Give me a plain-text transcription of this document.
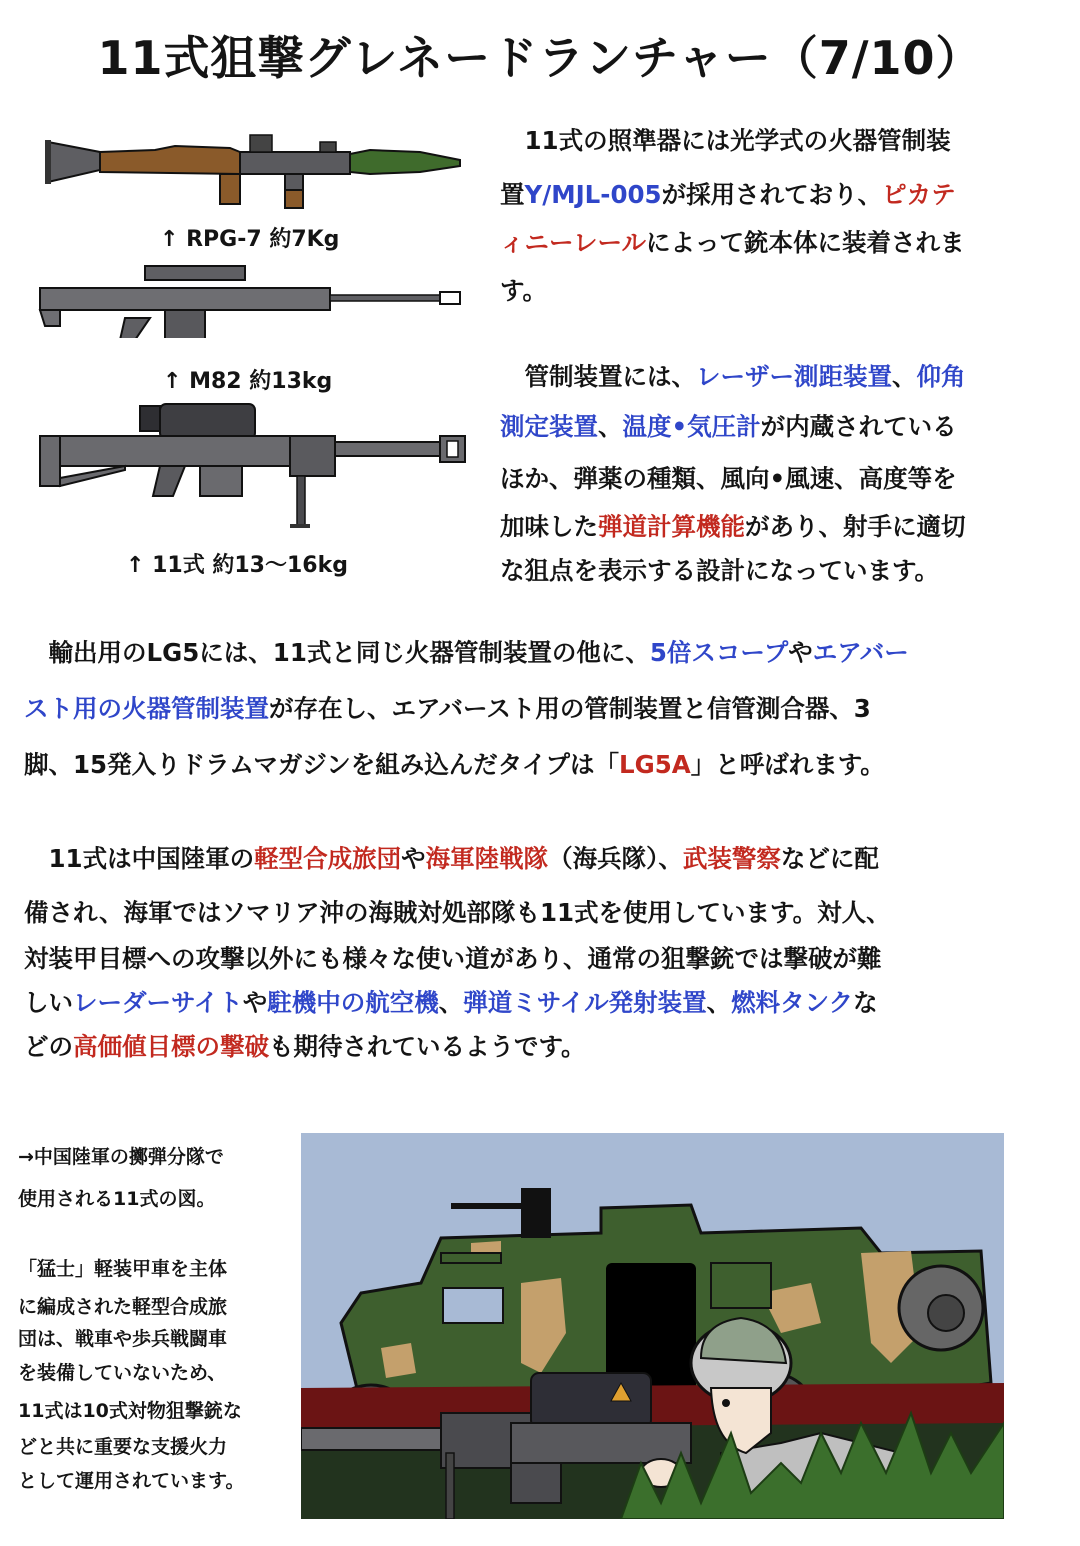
11式狙撃グレネードランチャー（7/10）
↑ RPG-7 約7Kg
↑ M82 約13kg
↑ 11式 約13〜16kg
　11式の照準器には光学式の火器管制装
置Y/MJL-005が採用されており、ピカテ
ィニーレールによって銃本体に装着されま
す。
　管制装置には、レーザー測距装置、仰角
測定装置、温度•気圧計が内蔵されている
ほか、弾薬の種類、風向•風速、高度等を
加味した弾道計算機能があり、射手に適切
な狙点を表示する設計になっています。
　輸出用のLG5には、11式と同じ火器管制装置の他に、5倍スコープやエアバー
スト用の火器管制装置が存在し、エアバースト用の管制装置と信管測合器、3
脚、15発入りドラムマガジンを組み込んだタイプは「LG5A」と呼ばれます。
　11式は中国陸軍の軽型合成旅団や海軍陸戦隊（海兵隊）、武装警察などに配
備され、海軍ではソマリア沖の海賊対処部隊も11式を使用しています。対人、
対装甲目標への攻撃以外にも様々な使い道があり、通常の狙撃銃では撃破が難
しいレーダーサイトや駐機中の航空機、弾道ミサイル発射装置、燃料タンクな
どの高価値目標の撃破も期待されているようです。
→中国陸軍の擲弾分隊で
使用される11式の図。
「猛士」軽装甲車を主体
に編成された軽型合成旅
団は、戦車や歩兵戦闘車
を装備していないため、
11式は10式対物狙撃銃な
どと共に重要な支援火力
として運用されています。
